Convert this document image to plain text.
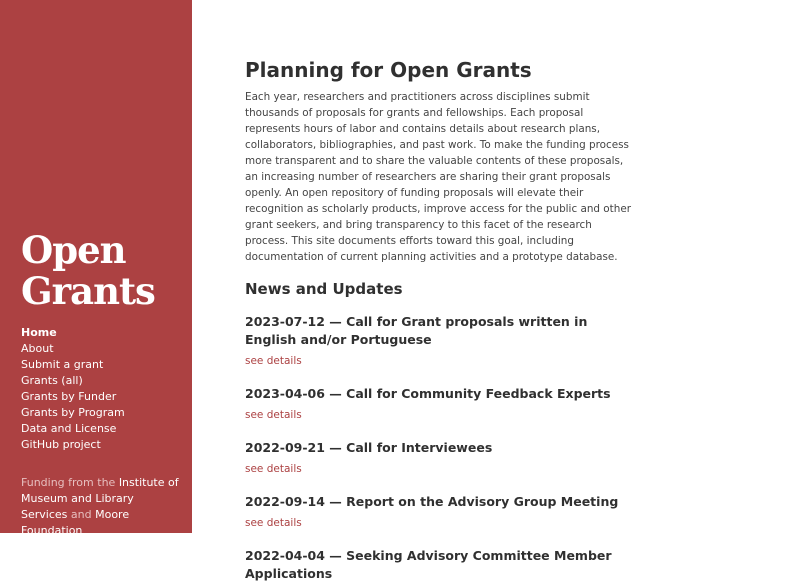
Open
Grants
Home
About
Submit a grant
Grants (all)
Grants by Funder
Grants by Program
Data and License
GitHub project

Funding from the Institute of Museum and Library Services and Moore Foundation

Planning for Open Grants

Each year, researchers and practitioners across disciplines submit thousands of proposals for grants and fellowships. Each proposal represents hours of labor and contains details about research plans, collaborators, bibliographies, and past work. To make the funding process more transparent and to share the valuable contents of these proposals, an increasing number of researchers are sharing their grant proposals openly. An open repository of funding proposals will elevate their recognition as scholarly products, improve access for the public and other grant seekers, and bring transparency to this facet of the research process. This site documents efforts toward this goal, including documentation of current planning activities and a prototype database.

News and Updates
2023-07-12 — Call for Grant proposals written in English and/or Portuguese
see details
2023-04-06 — Call for Community Feedback Experts
see details
2022-09-21 — Call for Interviewees
see details
2022-09-14 — Report on the Advisory Group Meeting
see details
2022-04-04 — Seeking Advisory Committee Member Applications
